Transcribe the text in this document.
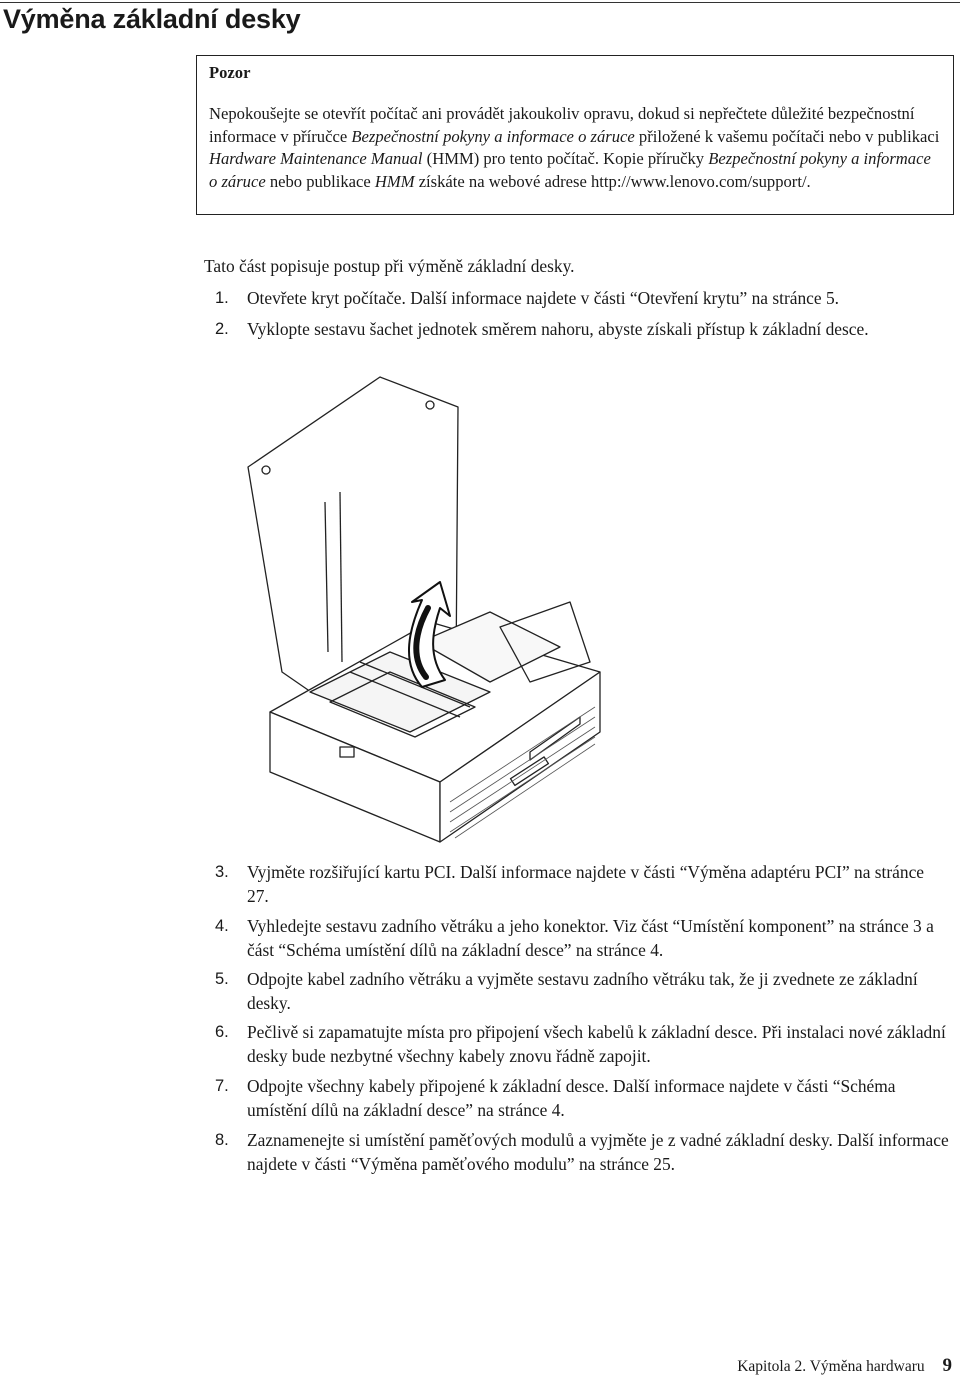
Výměna základní desky
Pozor
Nepokoušejte se otevřít počítač ani provádět jakoukoliv opravu, dokud si nepřečtete důležité bezpečnostní informace v příručce Bezpečnostní pokyny a informace o záruce přiložené k vašemu počítači nebo v publikaci Hardware Maintenance Manual (HMM) pro tento počítač. Kopie příručky Bezpečnostní pokyny a informace o záruce nebo publikace HMM získáte na webové adrese http://www.lenovo.com/support/.
Tato část popisuje postup při výměně základní desky.
1. Otevřete kryt počítače. Další informace najdete v části “Otevření krytu” na stránce 5.
2. Vyklopte sestavu šachet jednotek směrem nahoru, abyste získali přístup k základní desce.
3. Vyjměte rozšiřující kartu PCI. Další informace najdete v části “Výměna adaptéru PCI” na stránce 27.
4. Vyhledejte sestavu zadního větráku a jeho konektor. Viz část “Umístění komponent” na stránce 3 a část “Schéma umístění dílů na základní desce” na stránce 4.
5. Odpojte kabel zadního větráku a vyjměte sestavu zadního větráku tak, že ji zvednete ze základní desky.
6. Pečlivě si zapamatujte místa pro připojení všech kabelů k základní desce. Při instalaci nové základní desky bude nezbytné všechny kabely znovu řádně zapojit.
7. Odpojte všechny kabely připojené k základní desce. Další informace najdete v části “Schéma umístění dílů na základní desce” na stránce 4.
8. Zaznamenejte si umístění paměťových modulů a vyjměte je z vadné základní desky. Další informace najdete v části “Výměna paměťového modulu” na stránce 25.
Kapitola 2. Výměna hardwaru 9
